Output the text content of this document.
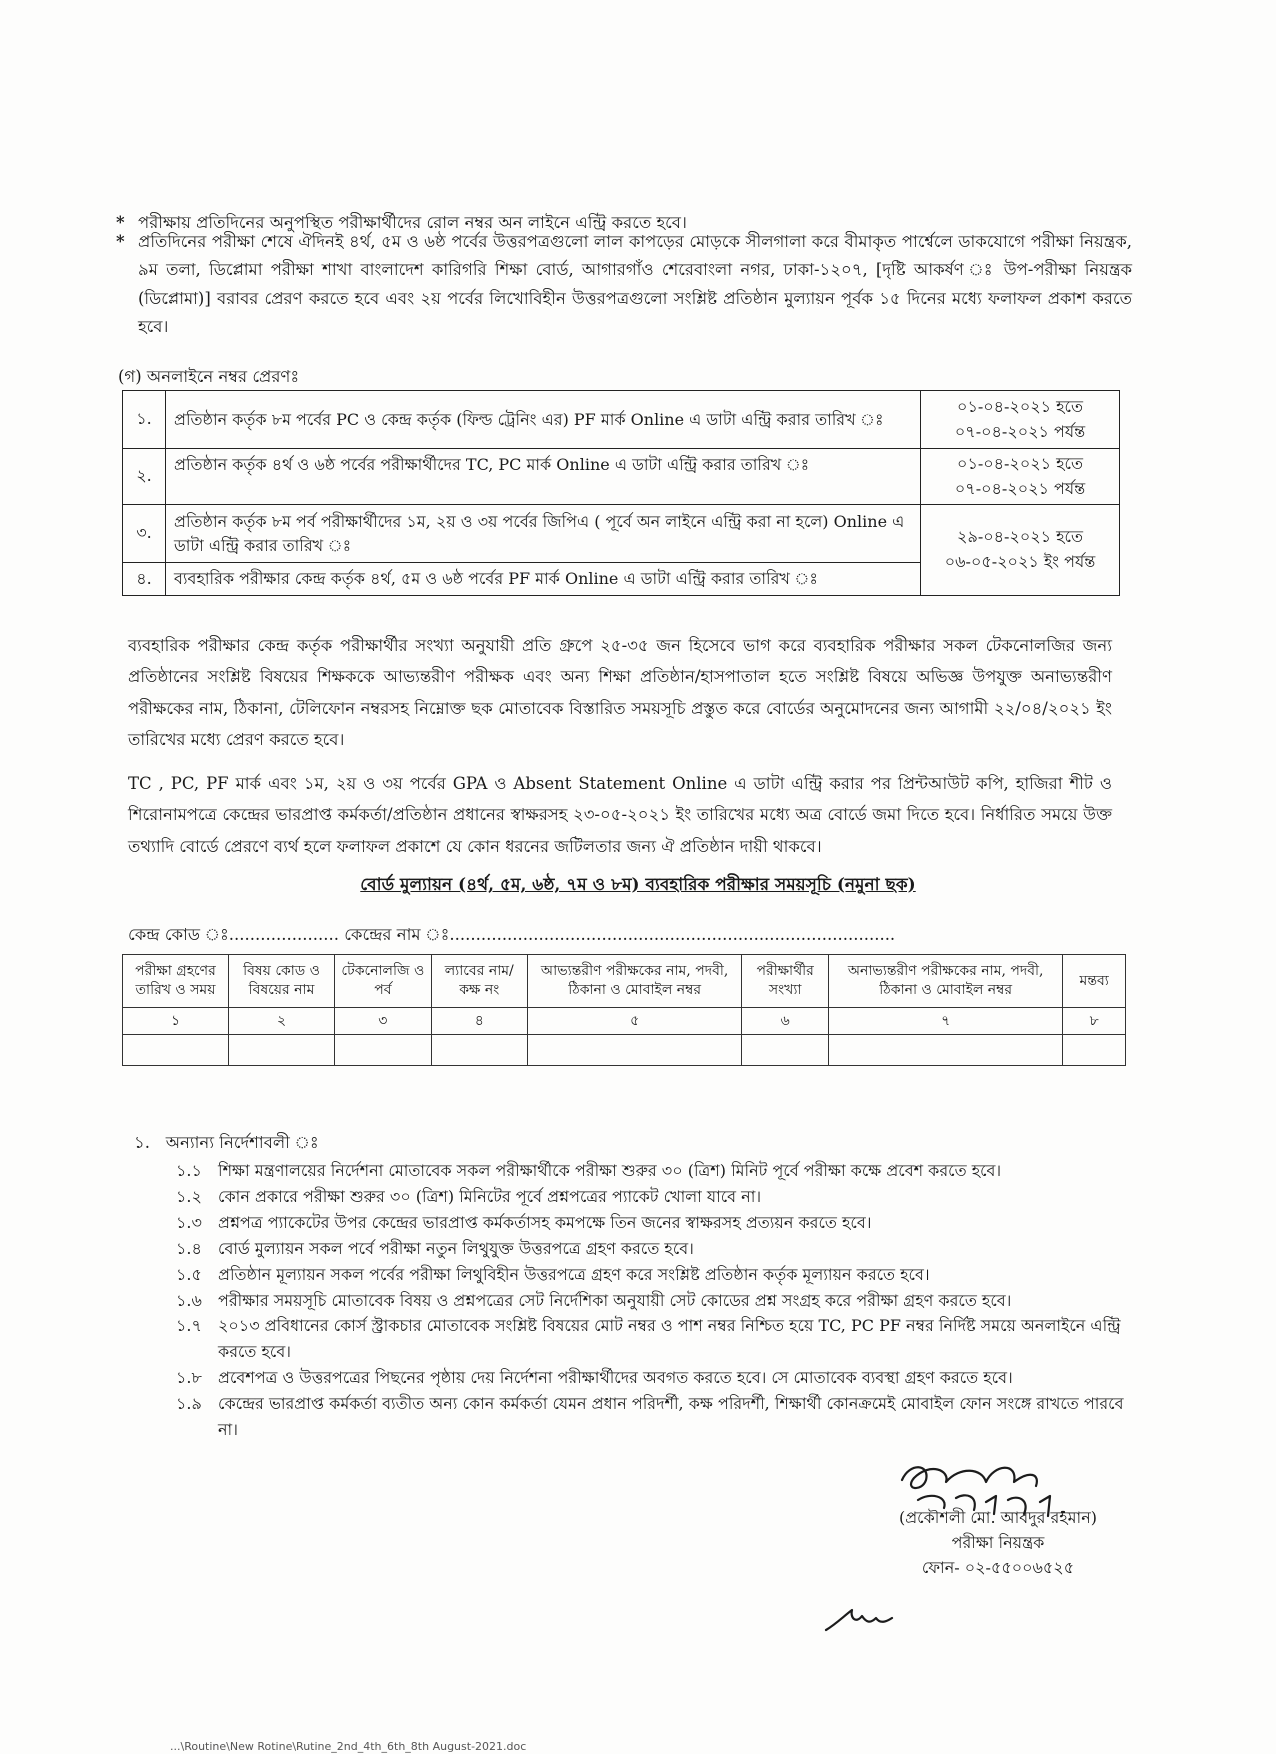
* পরীক্ষায় প্রতিদিনের অনুপস্থিত পরীক্ষার্থীদের রোল নম্বর অন লাইনে এন্ট্রি করতে হবে।
* প্রতিদিনের পরীক্ষা শেষে ঐদিনই ৪র্থ, ৫ম ও ৬ষ্ঠ পর্বের উত্তরপত্রগুলো লাল কাপড়ের মোড়কে সীলগালা করে বীমাকৃত পার্শ্বেলে ডাকযোগে পরীক্ষা নিয়ন্ত্রক, ৯ম তলা, ডিপ্লোমা পরীক্ষা শাখা বাংলাদেশ কারিগরি শিক্ষা বোর্ড, আগারগাঁও শেরেবাংলা নগর, ঢাকা-১২০৭, [দৃষ্টি আকর্ষণ ঃ উপ-পরীক্ষা নিয়ন্ত্রক (ডিপ্লোমা)] বরাবর প্রেরণ করতে হবে এবং ২য় পর্বের লিখোবিহীন উত্তরপত্রগুলো সংশ্লিষ্ট প্রতিষ্ঠান মুল্যায়ন পূর্বক ১৫ দিনের মধ্যে ফলাফল প্রকাশ করতে হবে।
(গ) অনলাইনে নম্বর প্রেরণঃ
১.	প্রতিষ্ঠান কর্তৃক ৮ম পর্বের PC ও কেন্দ্র কর্তৃক (ফিল্ড ট্রেনিং এর) PF মার্ক Online এ ডাটা এন্ট্রি করার তারিখ ঃ	০১-০৪-২০২১ হতে
০৭-০৪-২০২১ পর্যন্ত

২.	প্রতিষ্ঠান কর্তৃক ৪র্থ ও ৬ষ্ঠ পর্বের পরীক্ষার্থীদের TC, PC মার্ক Online এ ডাটা এন্ট্রি করার তারিখ ঃ	০১-০৪-২০২১ হতে
০৭-০৪-২০২১ পর্যন্ত

৩.	প্রতিষ্ঠান কর্তৃক ৮ম পর্ব পরীক্ষার্থীদের ১ম, ২য় ও ৩য় পর্বের জিপিএ ( পূর্বে অন লাইনে এন্ট্রি করা না হলে) Online এ ডাটা এন্ট্রি করার তারিখ ঃ	২৯-০৪-২০২১ হতে
০৬-০৫-২০২১ ইং পর্যন্ত

৪.	ব্যবহারিক পরীক্ষার কেন্দ্র কর্তৃক ৪র্থ, ৫ম ও ৬ষ্ঠ পর্বের PF মার্ক Online এ ডাটা এন্ট্রি করার তারিখ ঃ	
ব্যবহারিক পরীক্ষার কেন্দ্র কর্তৃক পরীক্ষার্থীর সংখ্যা অনুযায়ী প্রতি গ্রুপে ২৫-৩৫ জন হিসেবে ভাগ করে ব্যবহারিক পরীক্ষার সকল টেকনোলজির জন্য প্রতিষ্ঠানের সংশ্লিষ্ট বিষয়ের শিক্ষককে আভ্যন্তরীণ পরীক্ষক এবং অন্য শিক্ষা প্রতিষ্ঠান/হাসপাতাল হতে সংশ্লিষ্ট বিষয়ে অভিজ্ঞ উপযুক্ত অনাভ্যন্তরীণ পরীক্ষকের নাম, ঠিকানা, টেলিফোন নম্বরসহ নিম্নোক্ত ছক মোতাবেক বিস্তারিত সময়সূচি প্রস্তুত করে বোর্ডের অনুমোদনের জন্য আগামী ২২/০৪/২০২১ ইং তারিখের মধ্যে প্রেরণ করতে হবে।
TC , PC, PF মার্ক এবং ১ম, ২য় ও ৩য় পর্বের GPA ও Absent Statement Online এ ডাটা এন্ট্রি করার পর প্রিন্টআউট কপি, হাজিরা শীট ও শিরোনামপত্রে কেন্দ্রের ভারপ্রাপ্ত কর্মকর্তা/প্রতিষ্ঠান প্রধানের স্বাক্ষরসহ ২৩-০৫-২০২১ ইং তারিখের মধ্যে অত্র বোর্ডে জমা দিতে হবে। নির্ধারিত সময়ে উক্ত তথ্যাদি বোর্ডে প্রেরণে ব্যর্থ হলে ফলাফল প্রকাশে যে কোন ধরনের জটিলতার জন্য ঐ প্রতিষ্ঠান দায়ী থাকবে।
বোর্ড মুল্যায়ন (৪র্থ, ৫ম, ৬ষ্ঠ, ৭ম ও ৮ম) ব্যবহারিক পরীক্ষার সময়সূচি (নমুনা ছক)
কেন্দ্র কোড ঃ..................... কেন্দ্রের নাম ঃ.....................................................................................
পরীক্ষা গ্রহণের তারিখ ও সময়	বিষয় কোড ও বিষয়ের নাম	টেকনোলজি ও পর্ব	ল্যাবের নাম/ কক্ষ নং	আভ্যন্তরীণ পরীক্ষকের নাম, পদবী, ঠিকানা ও মোবাইল নম্বর	পরীক্ষার্থীর সংখ্যা	অনাভ্যন্তরীণ পরীক্ষকের নাম, পদবী, ঠিকানা ও মোবাইল নম্বর	মন্তব্য
১	২	৩	৪	৫	৬	৭	৮

১. অন্যান্য নির্দেশাবলী ঃ
১.১	শিক্ষা মন্ত্রণালয়ের নির্দেশনা মোতাবেক সকল পরীক্ষার্থীকে পরীক্ষা শুরুর ৩০ (ত্রিশ) মিনিট পূর্বে পরীক্ষা কক্ষে প্রবেশ করতে হবে।
১.২	কোন প্রকারে পরীক্ষা শুরুর ৩০ (ত্রিশ) মিনিটের পূর্বে প্রশ্নপত্রের প্যাকেট খোলা যাবে না।
১.৩	প্রশ্নপত্র প্যাকেটের উপর কেন্দ্রের ভারপ্রাপ্ত কর্মকর্তাসহ কমপক্ষে তিন জনের স্বাক্ষরসহ প্রত্যয়ন করতে হবে।
১.৪	বোর্ড মুল্যায়ন সকল পর্বে পরীক্ষা নতুন লিথুযুক্ত উত্তরপত্রে গ্রহণ করতে হবে।
১.৫	প্রতিষ্ঠান মূল্যায়ন সকল পর্বের পরীক্ষা লিথুবিহীন উত্তরপত্রে গ্রহণ করে সংশ্লিষ্ট প্রতিষ্ঠান কর্তৃক মূল্যায়ন করতে হবে।
১.৬	পরীক্ষার সময়সূচি মোতাবেক বিষয় ও প্রশ্নপত্রের সেট নির্দেশিকা অনুযায়ী সেট কোডের প্রশ্ন সংগ্রহ করে পরীক্ষা গ্রহণ করতে হবে।
১.৭	২০১৩ প্রবিধানের কোর্স স্ট্রাকচার মোতাবেক সংশ্লিষ্ট বিষয়ের মোট নম্বর ও পাশ নম্বর নিশ্চিত হয়ে TC, PC PF নম্বর নির্দিষ্ট সময়ে অনলাইনে এন্ট্রি করতে হবে।
১.৮	প্রবেশপত্র ও উত্তরপত্রের পিছনের পৃষ্ঠায় দেয় নির্দেশনা পরীক্ষার্থীদের অবগত করতে হবে। সে মোতাবেক ব্যবস্থা গ্রহণ করতে হবে।
১.৯	কেন্দ্রের ভারপ্রাপ্ত কর্মকর্তা ব্যতীত অন্য কোন কর্মকর্তা যেমন প্রধান পরিদর্শী, কক্ষ পরিদর্শী, শিক্ষার্থী কোনক্রমেই মোবাইল ফোন সংঙ্গে রাখতে পারবে না।
(প্রকৌশলী মো. আবদুর রহমান)
পরীক্ষা নিয়ন্ত্রক
ফোন- ০২-৫৫০০৬৫২৫
...\Routine\New Rotine\Rutine_2nd_4th_6th_8th August-2021.doc
